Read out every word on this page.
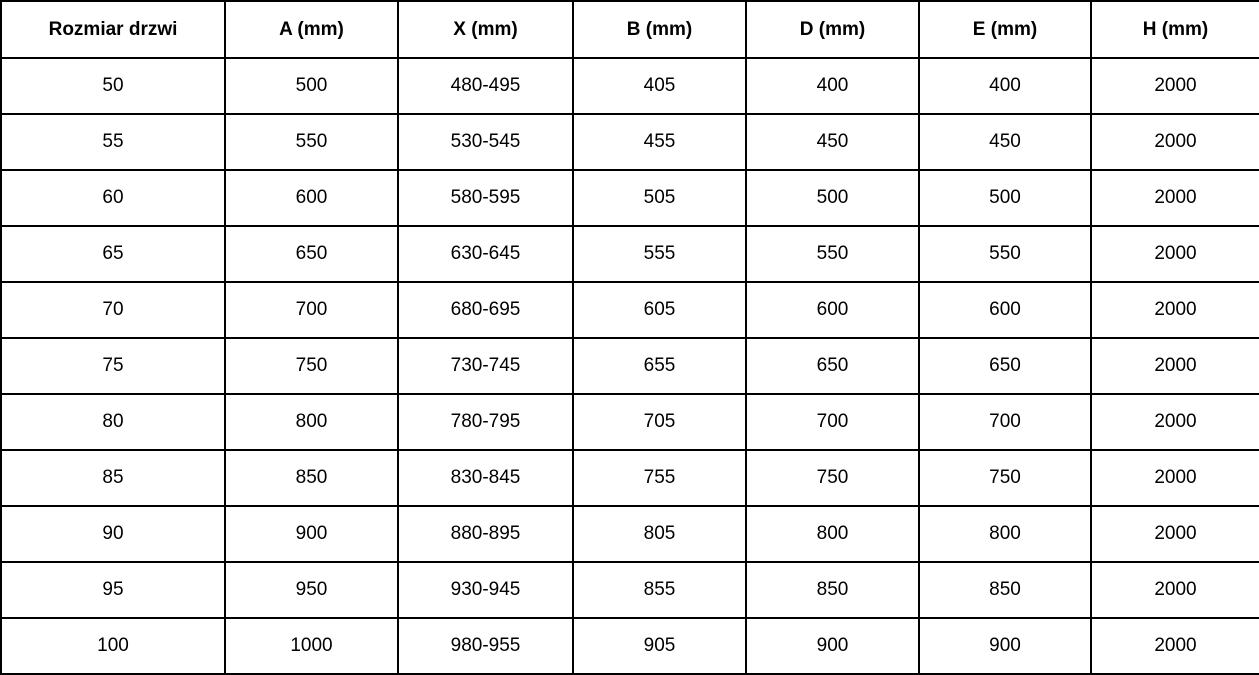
Rozmiar drzwi	A (mm)	X (mm)	B (mm)	D (mm)	E (mm)	H (mm)
50	500	480-495	405	400	400	2000
55	550	530-545	455	450	450	2000
60	600	580-595	505	500	500	2000
65	650	630-645	555	550	550	2000
70	700	680-695	605	600	600	2000
75	750	730-745	655	650	650	2000
80	800	780-795	705	700	700	2000
85	850	830-845	755	750	750	2000
90	900	880-895	805	800	800	2000
95	950	930-945	855	850	850	2000
100	1000	980-955	905	900	900	2000
